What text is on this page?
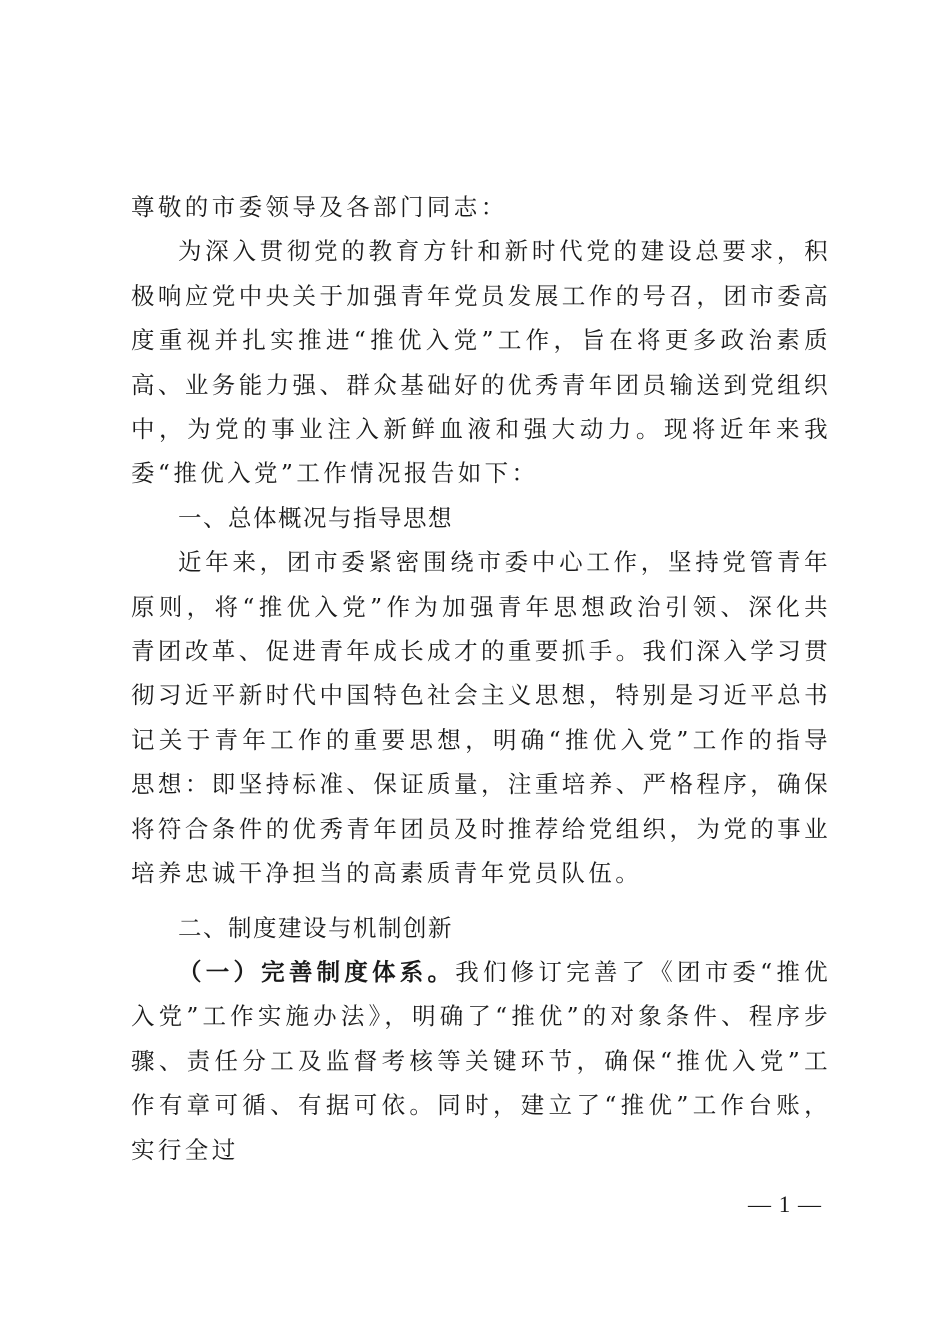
尊敬的市委领导及各部门同志：

为深入贯彻党的教育方针和新时代党的建设总要求，积极响应党中央关于加强青年党员发展工作的号召，团市委高度重视并扎实推进“推优入党”工作，旨在将更多政治素质高、业务能力强、群众基础好的优秀青年团员输送到党组织中，为党的事业注入新鲜血液和强大动力。现将近年来我委“推优入党”工作情况报告如下：

一、总体概况与指导思想

近年来，团市委紧密围绕市委中心工作，坚持党管青年原则，将“推优入党”作为加强青年思想政治引领、深化共青团改革、促进青年成长成才的重要抓手。我们深入学习贯彻习近平新时代中国特色社会主义思想，特别是习近平总书记关于青年工作的重要思想，明确“推优入党”工作的指导思想：即坚持标准、保证质量，注重培养、严格程序，确保将符合条件的优秀青年团员及时推荐给党组织，为党的事业培养忠诚干净担当的高素质青年党员队伍。

二、制度建设与机制创新

（一）完善制度体系。我们修订完善了《团市委“推优入党”工作实施办法》，明确了“推优”的对象条件、程序步骤、责任分工及监督考核等关键环节，确保“推优入党”工作有章可循、有据可依。同时，建立了“推优”工作台账，实行全过

— 1 —
